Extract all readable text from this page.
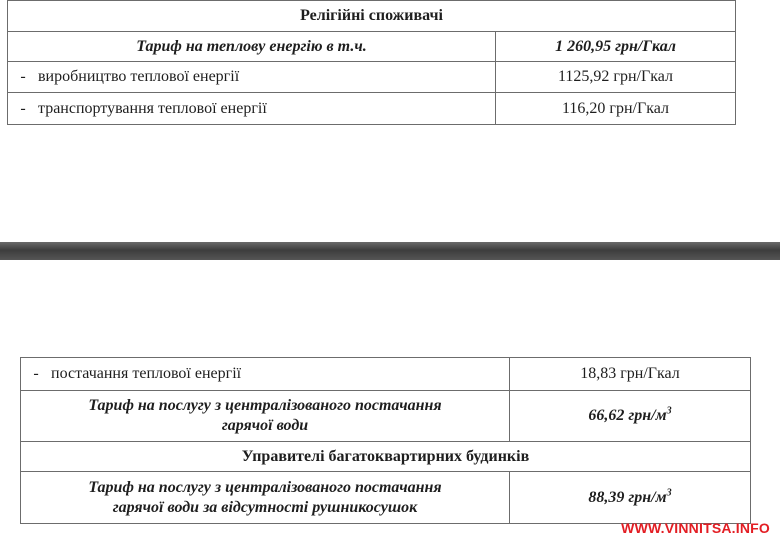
Релігійні споживачі	
Тариф на теплову енергію в т.ч.	1 260,95 грн/Гкал
- виробництво теплової енергії	1125,92 грн/Гкал
- транспортування теплової енергії	116,20 грн/Гкал
- постачання теплової енергії	18,83 грн/Гкал

Тариф на послугу з централізованого постачання
гарячої води	66,62 грн/$м^3$
Управителі багатоквартирних будинків	

Тариф на послугу з централізованого постачання
гарячої води за відсутності рушникосушок	88,39 грн/$м^3$
WWW.VINNITSA.INFO
